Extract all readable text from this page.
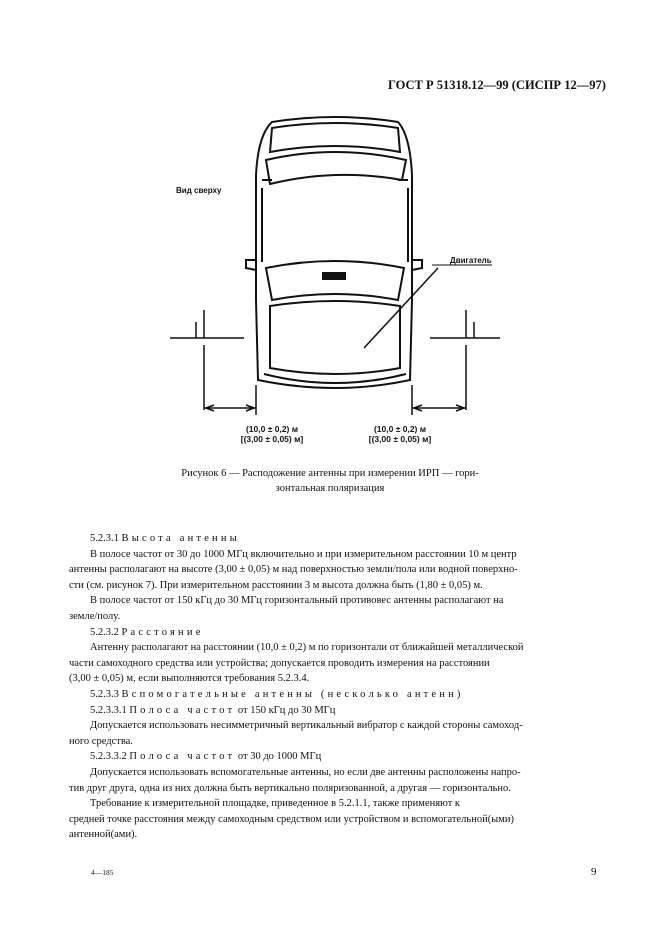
ГОСТ Р 51318.12—99 (СИСПР 12—97)
Вид сверху
Двигатель
(10,0 ± 0,2) м
[(3,00 ± 0,05) м]
(10,0 ± 0,2) м
[(3,00 ± 0,05) м]
Рисунок 6 — Расподожение антенны при измерении ИРП — гори-
зонтальная поляризация
5.2.3.1 Высота антенны
В полосе частот от 30 до 1000 МГц включительно и при измерительном расстоянии 10 м центр
антенны располагают на высоте (3,00 ± 0,05) м над поверхностью земли/пола или водной поверхно-
сти (см. рисунок 7). При измерительном расстоянии 3 м высота должна быть (1,80 ± 0,05) м.
В полосе частот от 150 кГц до 30 МГц горизонтальный противовес антенны располагают на
земле/полу.
5.2.3.2 Расстояние
Антенну располагают на расстоянии (10,0 ± 0,2) м по горизонтали от ближайшей металлической
части самоходного средства или устройства; допускается проводить измерения на расстоянии
(3,00 ± 0,05) м, если выполняются требования 5.2.3.4.
5.2.3.3 Вспомогательные антенны (несколько антенн)
5.2.3.3.1 Полоса частот от 150 кГц до 30 МГц
Допускается использовать несимметричный вертикальный вибратор с каждой стороны самоход-
ного средства.
5.2.3.3.2 Полоса частот от 30 до 1000 МГц
Допускается использовать вспомогательные антенны, но если две антенны расположены напро-
тив друг друга, одна из них должна быть вертикально поляризованной, а другая — горизонтально.
Требование к измерительной площадке, приведенное в 5.2.1.1, также применяют к
средней точке расстояния между самоходным средством или устройством и вспомогательной(ыми)
антенной(ами).
4—185	9
